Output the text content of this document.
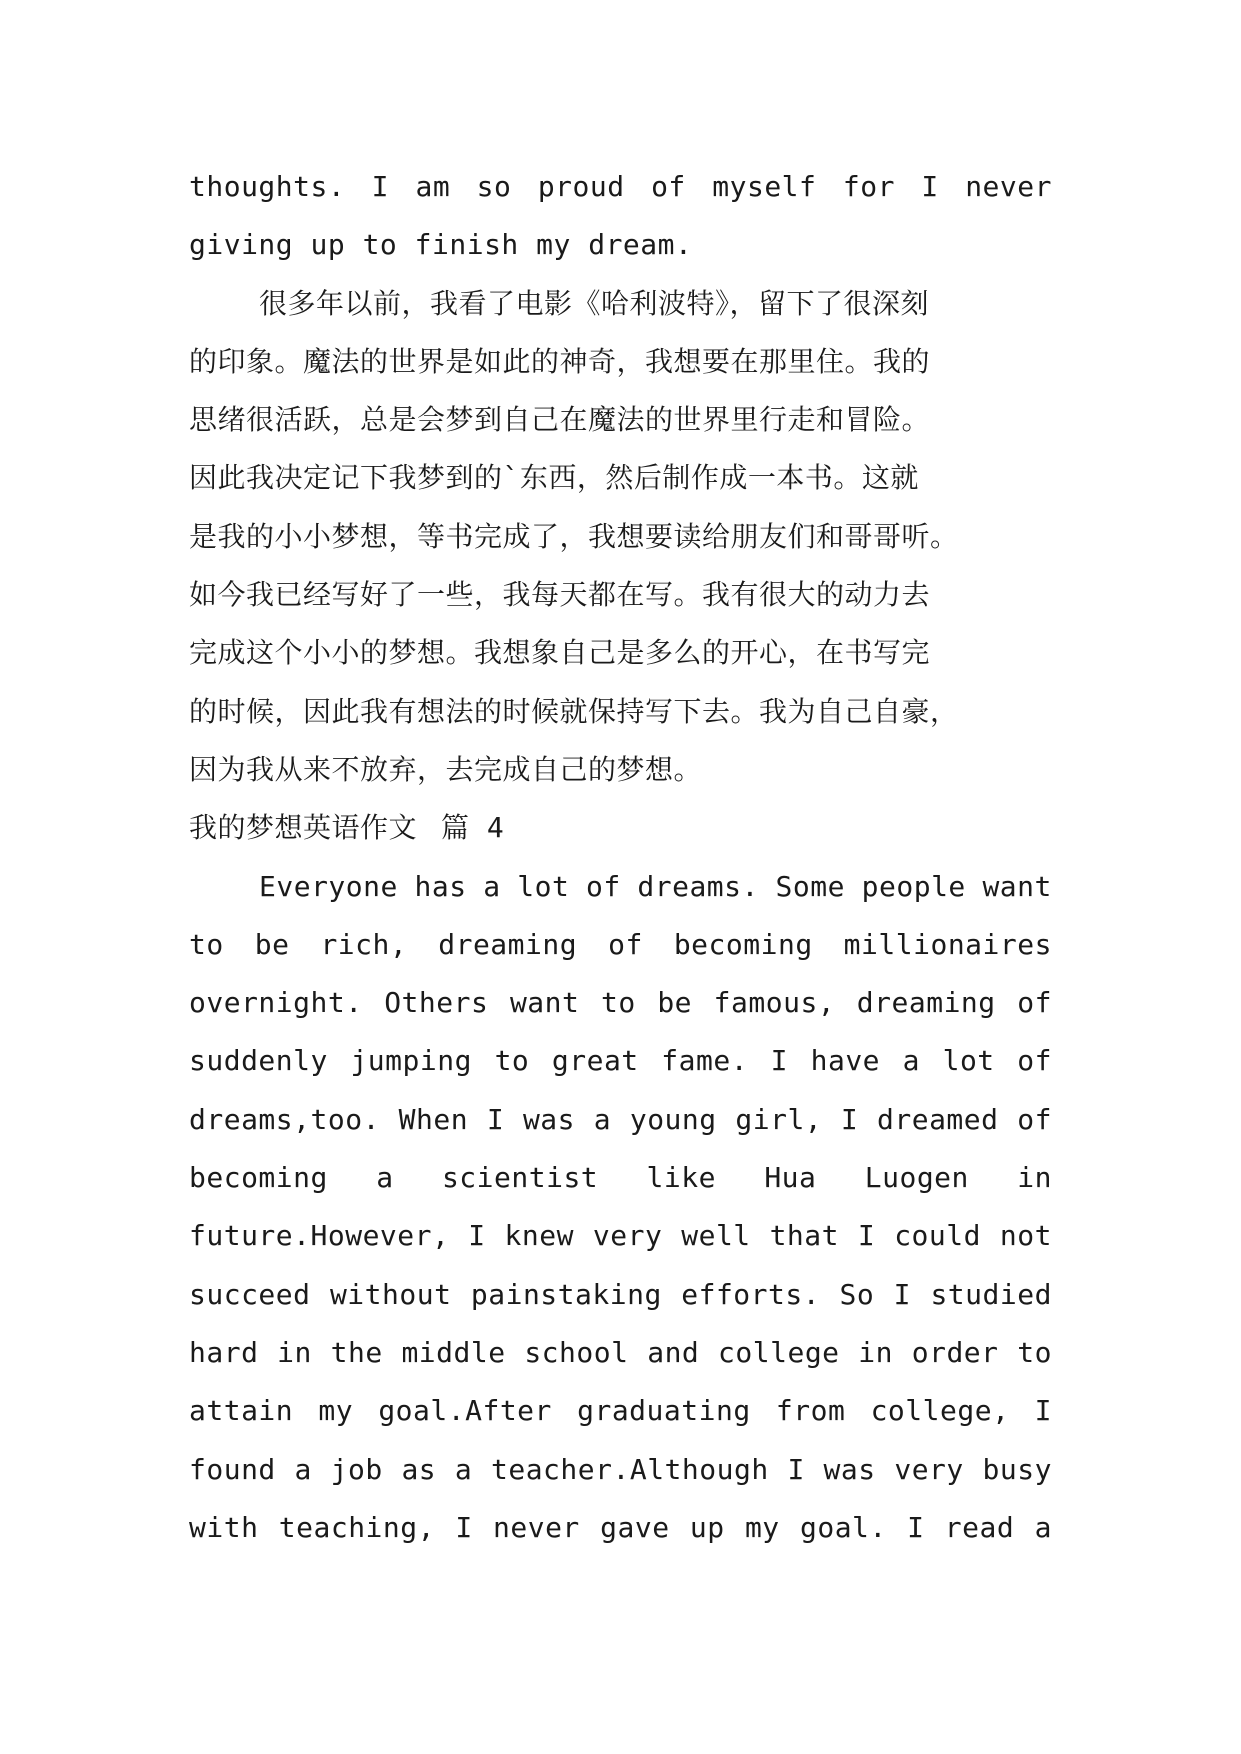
thoughts. I am so proud of myself for I never
giving up to finish my dream.
很多年以前，我看了电影《哈利波特》，留下了很深刻
的印象。魔法的世界是如此的神奇，我想要在那里住。我的
思绪很活跃，总是会梦到自己在魔法的世界里行走和冒险。
因此我决定记下我梦到的`东西，然后制作成一本书。这就
是我的小小梦想，等书完成了，我想要读给朋友们和哥哥听。
如今我已经写好了一些，我每天都在写。我有很大的动力去
完成这个小小的梦想。我想象自己是多么的开心，在书写完
的时候，因此我有想法的时候就保持写下去。我为自己自豪，
因为我从来不放弃，去完成自己的梦想。
我的梦想英语作文 篇 4
Everyone has a lot of dreams. Some people want
to be rich, dreaming of becoming millionaires
overnight. Others want to be famous, dreaming of
suddenly jumping to great fame. I have a lot of
dreams,too. When I was a young girl, I dreamed of
becoming a scientist like Hua Luogen in
future.However, I knew very well that I could not
succeed without painstaking efforts. So I studied
hard in the middle school and college in order to
attain my goal.After graduating from college, I
found a job as a teacher.Although I was very busy
with teaching, I never gave up my goal. I read a
